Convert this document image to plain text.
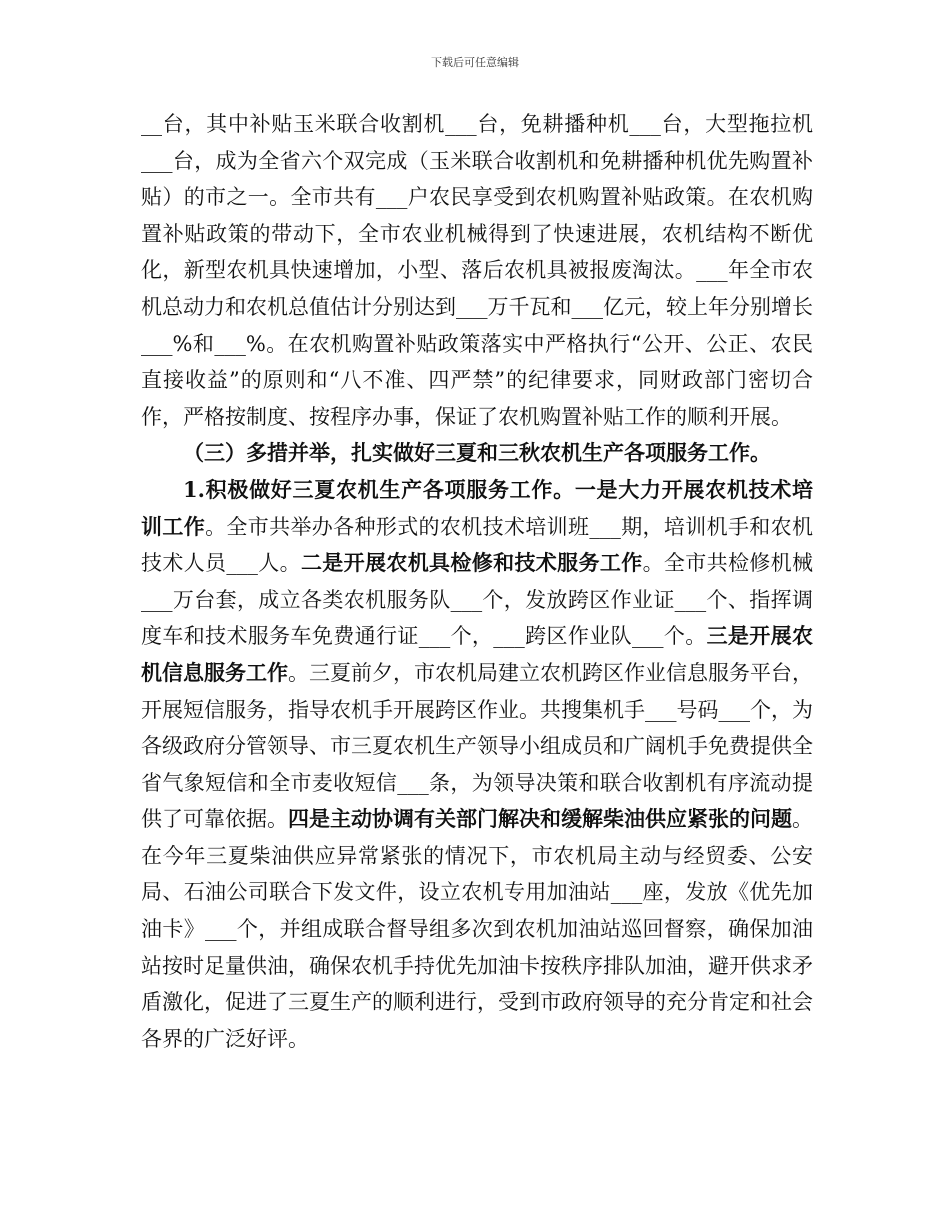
下载后可任意编辑

__台，其中补贴玉米联合收割机___台，免耕播种机___台，大型拖拉机___台，成为全省六个双完成（玉米联合收割机和免耕播种机优先购置补贴）的市之一。全市共有___户农民享受到农机购置补贴政策。在农机购置补贴政策的带动下，全市农业机械得到了快速进展，农机结构不断优化，新型农机具快速增加，小型、落后农机具被报废淘汰。___年全市农机总动力和农机总值估计分别达到___万千瓦和___亿元，较上年分别增长___%和___%。在农机购置补贴政策落实中严格执行“公开、公正、农民直接收益”的原则和“八不准、四严禁”的纪律要求，同财政部门密切合作，严格按制度、按程序办事，保证了农机购置补贴工作的顺利开展。

（三）多措并举，扎实做好三夏和三秋农机生产各项服务工作。

1.积极做好三夏农机生产各项服务工作。一是大力开展农机技术培训工作。全市共举办各种形式的农机技术培训班___期，培训机手和农机技术人员___人。二是开展农机具检修和技术服务工作。全市共检修机械___万台套，成立各类农机服务队___个，发放跨区作业证___个、指挥调度车和技术服务车免费通行证___个，___跨区作业队___个。三是开展农机信息服务工作。三夏前夕，市农机局建立农机跨区作业信息服务平台，开展短信服务，指导农机手开展跨区作业。共搜集机手___号码___个，为各级政府分管领导、市三夏农机生产领导小组成员和广阔机手免费提供全省气象短信和全市麦收短信___条，为领导决策和联合收割机有序流动提供了可靠依据。四是主动协调有关部门解决和缓解柴油供应紧张的问题。在今年三夏柴油供应异常紧张的情况下，市农机局主动与经贸委、公安局、石油公司联合下发文件，设立农机专用加油站___座，发放《优先加油卡》___个，并组成联合督导组多次到农机加油站巡回督察，确保加油站按时足量供油，确保农机手持优先加油卡按秩序排队加油，避开供求矛盾激化，促进了三夏生产的顺利进行，受到市政府领导的充分肯定和社会各界的广泛好评。
